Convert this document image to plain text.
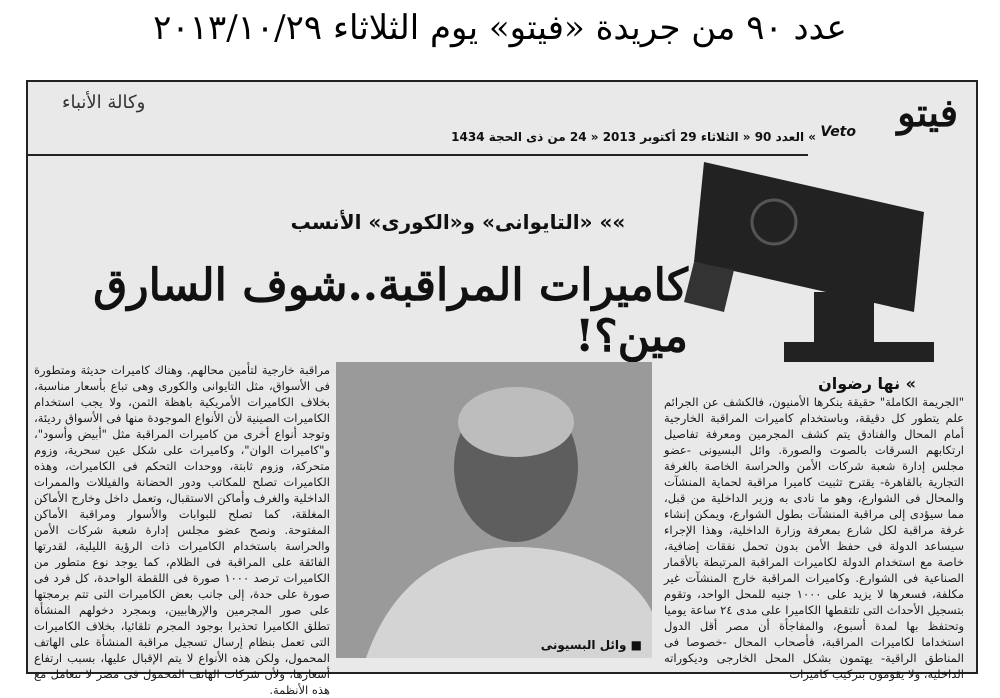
عدد ٩٠ من جريدة «فيتو» يوم الثلاثاء ٢٠١٣/١٠/٢٩
فيتو
Veto
» العدد 90 « الثلاثاء 29 أكتوبر 2013 « 24 من ذى الحجة 1434
وكالة الأنباء
»» «التايوانى» و«الكورى» الأنسب
كاميرات المراقبة..شوف السارق مين؟!
» نها رضوان
"الجريمة الكاملة" حقيقة ينكرها الأمنيون، فالكشف عن الجرائم علم يتطور كل دقيقة، وباستخدام كاميرات المراقبة الخارجية أمام المحال والفنادق يتم كشف المجرمين ومعرفة تفاصيل ارتكابهم السرقات بالصوت والصورة. وائل البسيونى -عضو مجلس إدارة شعبة شركات الأمن والحراسة الخاصة بالغرفة التجارية بالقاهرة- يقترح تثبيت كاميرا مراقبة لحماية المنشآت والمحال فى الشوارع، وهو ما نادى به وزير الداخلية من قبل، مما سيؤدى إلى مراقبة المنشآت بطول الشوارع، ويمكن إنشاء غرفة مراقبة لكل شارع بمعرفة وزارة الداخلية، وهذا الإجراء سيساعد الدولة فى حفظ الأمن بدون تحمل نفقات إضافية، خاصة مع استخدام الدولة لكاميرات المراقبة المرتبطة بالأقمار الصناعية فى الشوارع. وكاميرات المراقبة خارج المنشآت غير مكلفة، فسعرها لا يزيد على ١٠٠٠ جنيه للمحل الواحد، وتقوم بتسجيل الأحداث التى تلتقطها الكاميرا على مدى ٢٤ ساعة يوميا وتحتفظ بها لمدة أسبوع، والمفاجأة أن مصر أقل الدول استخداما لكاميرات المراقبة، فأصحاب المحال -خصوصا فى المناطق الراقية- يهتمون بشكل المحل الخارجى وديكوراته الداخلية، ولا يقومون بتركيب كاميرات
■ وائل البسيونى
مراقبة خارجية لتأمين محالهم. وهناك كاميرات حديثة ومتطورة فى الأسواق، مثل التايوانى والكورى وهى تباع بأسعار مناسبة، بخلاف الكاميرات الأمريكية باهظة الثمن، ولا يجب استخدام الكاميرات الصينية لأن الأنواع الموجودة منها فى الأسواق رديئة، وتوجد أنواع أخرى من كاميرات المراقبة مثل "أبيض وأسود"، و"كاميرات الوان"، وكاميرات على شكل عين سحرية، وزوم متحركة، وزوم ثابتة، ووحدات التحكم فى الكاميرات، وهذه الكاميرات تصلح للمكاتب ودور الحضانة والفيللات والممرات الداخلية والغرف وأماكن الاستقبال، وتعمل داخل وخارج الأماكن المغلقة، كما تصلح للبوابات والأسوار ومراقبة الأماكن المفتوحة. ونصح عضو مجلس إدارة شعبة شركات الأمن والحراسة باستخدام الكاميرات ذات الرؤية الليلية، لقدرتها الفائقة على المراقبة فى الظلام، كما يوجد نوع متطور من الكاميرات ترصد ١٠٠٠ صورة فى اللقطة الواحدة، كل فرد فى صورة على حدة، إلى جانب بعض الكاميرات التى تتم برمجتها على صور المجرمين والإرهابيين، وبمجرد دخولهم المنشأة تطلق الكاميرا تحذيرا بوجود المجرم تلقائيا، بخلاف الكاميرات التى تعمل بنظام إرسال تسجيل مراقبة المنشأة على الهاتف المحمول، ولكن هذه الأنواع لا يتم الإقبال عليها، بسبب ارتفاع أسعارها، ولأن شركات الهاتف المحمول فى مصر لا تتعامل مع هذه الأنظمة.
